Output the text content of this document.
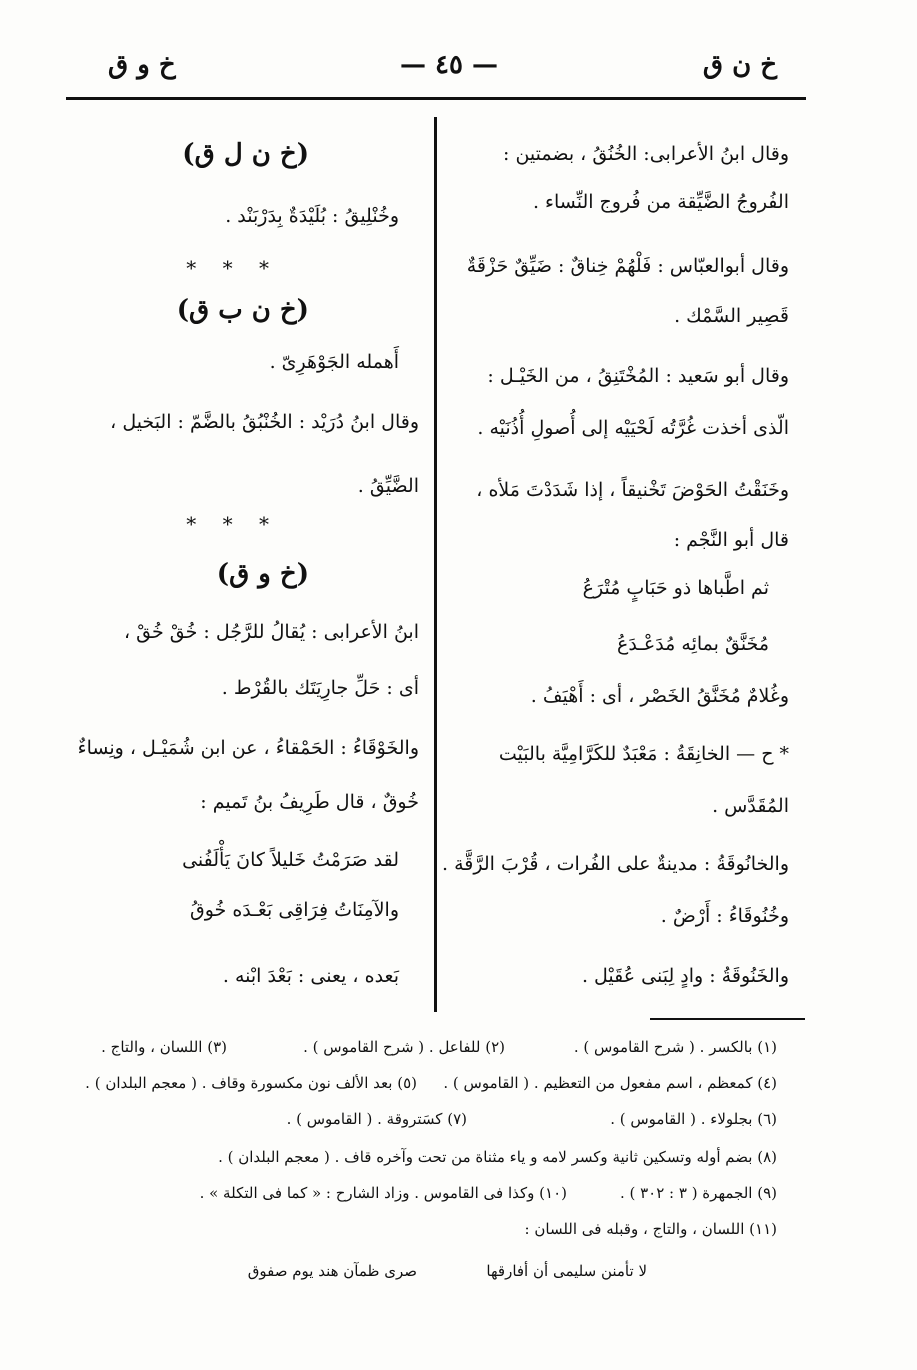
خ ن ق
— ٤٥ —
خ و ق

وقال ابنُ الأعرابى: الخُنُقُ ، بضمتين :

الفُروجُ الضَّيِّقة من فُروج النِّساء .

وقال أبوالعبّاس : فَلْهُمْ خِناقٌ : ضَيِّقٌ حَزْقَةٌ

قَصِير السَّمْك .

وقال أبو سَعيد : المُخْتَنِقُ ، من الخَيْـل :

الّذى أخذت غُرَّتُه لَحْيَيْه إلى أُصولِ أُذُنَيْه .

وخَنَقْتُ الحَوْضَ تَخْنيقاً ، إذا شَدَدْتَ مَلأه ،

قال أبو النَّجْم :

ثم اطَّباها ذو حَبَابٍ مُتْرَعُ

مُخَنَّقٌ بمائِه مُدَعْـدَعُ

وغُلامٌ مُخَنَّقُ الخَصْر ، أى : أَهْيَفُ .

* ح — الخانِقَةُ : مَعْبَدٌ للكَرَّامِيَّة بالبَيْت

المُقَدَّس .

والخانُوقَةُ : مدينةٌ على الفُرات ، قُرْبَ الرَّقَّة .

وخُنُوقَاءُ : أَرْضٌ .

والخَنُوقَةُ : وادٍ لِبَنى عُقَيْل .

(خ ن ل ق)

وخُنْلِيقُ : بُلَيْدَةٌ بِدَرْبَنْد .

* * *

(خ ن ب ق)

أَهمله الجَوْهَرِىّ .

وقال ابنُ دُرَيْد : الخُنْبُقُ بالضَّمّ : البَخيل ،

الضَّيِّقُ .

* * *

(خ و ق)

ابنُ الأعرابى : يُقالُ للرَّجُل : خُقْ خُقْ ،

أى : حَلِّ جارِيَتَك بالقُرْط .

والخَوْقَاءُ : الحَمْقاءُ ، عن ابن شُمَيْـل ، ونِساءٌ

خُوقٌ ، قال طَرِيفُ بنُ تَميم :

لقد صَرَمْتُ خَليلاً كانَ يَأْلَفُنى

والآمِنَاتُ فِرَاقِى بَعْـدَه خُوقُ

بَعده ، يعنى : بَعْدَ ابْنه .

(١) بالكسر . ( شرح القاموس ) .
(٢) للفاعل . ( شرح القاموس ) .
(٣) اللسان ، والتاج .
(٤) كمعظم ، اسم مفعول من التعظيم . ( القاموس ) .
(٥) بعد الألف نون مكسورة وقاف . ( معجم البلدان ) .
(٦) بجلولاء . ( القاموس ) .
(٧) كسَتروقة . ( القاموس ) .
(٨) بضم أوله وتسكين ثانية وكسر لامه و ياء مثناة من تحت وآخره قاف . ( معجم البلدان ) .
(٩) الجمهرة ( ٣ : ٣٠٢ ) .
(١٠) وكذا فى القاموس . وزاد الشارح : « كما فى التكلة » .
(١١) اللسان ، والتاج ، وقبله فى اللسان :
لا تأمنن سليمى أن أفارقها
صرى ظمآن هند يوم صفوق
